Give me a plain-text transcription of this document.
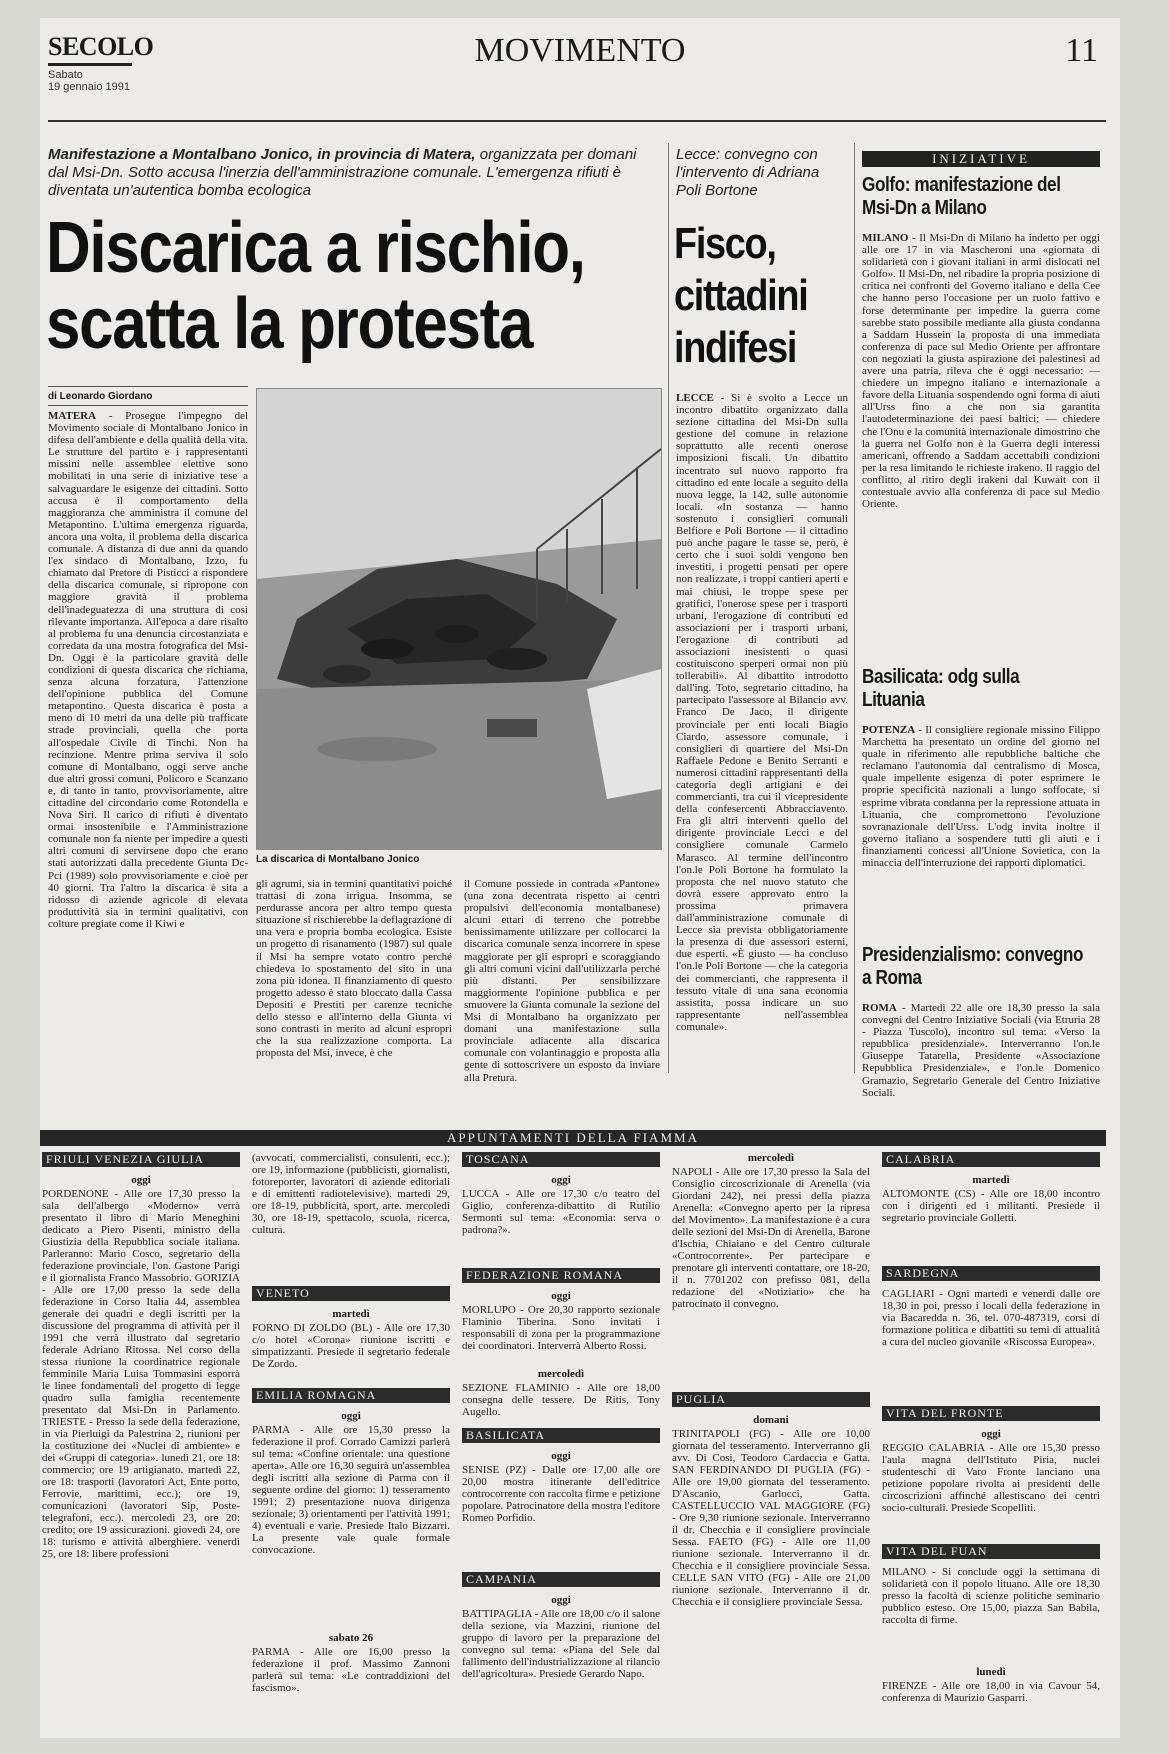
SECOLO
Sabato
19 gennaio 1991
MOVIMENTO	11
Manifestazione a Montalbano Jonico, in provincia di Matera, organizzata per domani dal Msi-Dn. Sotto accusa l'inerzia dell'amministrazione comunale. L'emergenza rifiuti è diventata un'autentica bomba ecologica
Discarica a rischio,
scatta la protesta
di Leonardo Giordano

MATERA - Prosegue l'impegno del Movimento sociale di Montalbano Jonico in difesa dell'ambiente e della qualità della vita. Le strutture del partito e i rappresentanti missini nelle assemblee elettive sono mobilitati in una serie di iniziative tese a salvaguardare le esigenze dei cittadini. Sotto accusa è il comportamento della maggioranza che amministra il comune del Metapontino. L'ultima emergenza riguarda, ancora una volta, il problema della discarica comunale. A distanza di due anni da quando l'ex sindaco di Montalbano, Izzo, fu chiamato dal Pretore di Pisticci a rispondere della discarica comunale, si ripropone con maggiore gravità il problema dell'inadeguatezza di una struttura di così rilevante importanza. All'epoca a dare risalto al problema fu una denuncia circostanziata e corredata da una mostra fotografica del Msi-Dn. Oggi è la particolare gravità delle condizioni di questa discarica che richiama, senza alcuna forzatura, l'attenzione dell'opinione pubblica del Comune metapontino. Questa discarica è posta a meno di 10 metri da una delle più trafficate strade provinciali, quella che porta all'ospedale Civile di Tinchi. Non ha recinzione. Mentre prima serviva il solo comune di Montalbano, oggi serve anche due altri grossi comuni, Policoro e Scanzano e, di tanto in tanto, provvisoriamente, altre cittadine del circondario come Rotondella e Nova Siri. Il carico di rifiuti è diventato ormai insostenibile e l'Amministrazione comunale non fa niente per impedire a questi altri comuni di servirsene dopo che erano stati autorizzati dalla precedente Giunta Dc-Pci (1989) solo provvisoriamente e cioè per 40 giorni. Tra l'altro la discarica è sita a ridosso di aziende agricole di elevata produttività sia in termini qualitativi, con colture pregiate come il Kiwi e

La discarica di Montalbano Jonico

gli agrumi, sia in termini quantitativi poiché trattasi di zona irrigua. Insomma, se perdurasse ancora per altro tempo questa situazione si rischierebbe la deflagrazione di una vera e propria bomba ecologica. Esiste un progetto di risanamento (1987) sul quale il Msi ha sempre votato contro perché chiedeva lo spostamento del sito in una zona più idonea. Il finanziamento di questo progetto adesso è stato bloccato dalla Cassa Depositi e Prestiti per carenze tecniche dello stesso e all'interno della Giunta vi sono contrasti in merito ad alcuni espropri che la sua realizzazione comporta. La proposta del Msi, invece, è che

il Comune possiede in contrada «Pantone» (una zona decentrata rispetto ai centri propulsivi dell'economia montalbanese) alcuni ettari di terreno che potrebbe benissimamente utilizzare per collocarci la discarica comunale senza incorrere in spese maggiorate per gli espropri e scoraggiando gli altri comuni vicini dall'utilizzarla perché più distanti. Per sensibilizzare maggiormente l'opinione pubblica e per smuovere la Giunta comunale la sezione del Msi di Montalbano ha organizzato per domani una manifestazione sulla provinciale adiacente alla discarica comunale con volantinaggio e proposta alla gente di sottoscrivere un esposto da inviare alla Pretura.

Lecce: convegno con l'intervento di Adriana Poli Bortone
Fisco,
cittadini
indifesi

LECCE - Si è svolto a Lecce un incontro dibattito organizzato dalla sezione cittadina del Msi-Dn sulla gestione del comune in relazione soprattutto alle recenti onerose imposizioni fiscali. Un dibattito incentrato sul nuovo rapporto fra cittadino ed ente locale a seguito della nuova legge, la 142, sulle autonomie locali. «In sostanza — hanno sostenuto i consiglieri comunali Belfiore e Poli Bortone — il cittadino può anche pagare le tasse se, però, è certo che i suoi soldi vengono ben investiti, i progetti pensati per opere non realizzate, i troppi cantieri aperti e mai chiusi, le troppe spese per gratifici, l'onerose spese per i trasporti urbani, l'erogazione di contributi ed associazioni per i trasporti urbani, l'erogazione di contributi ad associazioni inesistenti o quasi costituiscono sperperi ormai non più tollerabili». Al dibattito introdotto dall'ing. Toto, segretario cittadino, ha partecipato l'assessore al Bilancio avv. Franco De Jaco, il dirigente provinciale per enti locali Biagio Ciardo, assessore comunale, i consiglieri di quartiere del Msi-Dn Raffaele Pedone e Benito Serranti e numerosi cittadini rappresentanti della categoria degli artigiani e dei commercianti, tra cui il vicepresidente della confesercenti Abbracciavento. Fra gli altri interventi quello del dirigente provinciale Lecci e del consigliere comunale Carmelo Marasco. Al termine dell'incontro l'on.le Poli Bortone ha formulato la proposta che nel nuovo statuto che dovrà essere approvato entro la prossima primavera dall'amministrazione comunale di Lecce sia prevista obbligatoriamente la presenza di due assessori esterni, due esperti. «È giusto — ha concluso l'on.le Poli Bortone — che la categoria dei commercianti, che rappresenta il tessuto vitale di una sana economia assistita, possa indicare un suo rappresentante nell'assemblea comunale».

INIZIATIVE
Golfo: manifestazione del Msi-Dn a Milano

MILANO - Il Msi-Dn di Milano ha indetto per oggi alle ore 17 in via Mascheroni una «giornata di solidarietà con i giovani italiani in armi dislocati nel Golfo». Il Msi-Dn, nel ribadire la propria posizione di critica nei confronti del Governo italiano e della Cee che hanno perso l'occasione per un ruolo fattivo e forse determinante per impedire la guerra come sarebbe stato possibile mediante alla giusta condanna a Saddam Hussein la proposta di una immediata conferenza di pace sul Medio Oriente per affrontare con negoziati la giusta aspirazione dei palestinesi ad avere una patria, rileva che è oggi necessario: — chiedere un impegno italiano e internazionale a favore della Lituania sospendendo ogni forma di aiuti all'Urss fino a che non sia garantita l'autodeterminazione dei paesi baltici; — chiedere che l'Onu e la comunità internazionale dimostrino che la guerra nel Golfo non è la Guerra degli interessi americani, offrendo a Saddam accettabili condizioni per la resa limitando le richieste irakeno. Il raggio del conflitto, al ritiro degli irakeni dal Kuwait con il contestuale avvio alla conferenza di pace sul Medio Oriente.

Basilicata: odg sulla Lituania

POTENZA - Il consigliere regionale missino Filippo Marchetta ha presentato un ordine del giorno nel quale in riferimento alle repubbliche baltiche che reclamano l'autonomia dal centralismo di Mosca, quale impellente esigenza di poter esprimere le proprie specificità nazionali a lungo soffocate, si esprime vibrata condanna per la repressione attuata in Lituania, che compromettono l'evoluzione sovranazionale dell'Urss. L'odg invita inoltre il governo italiano a sospendere tutti gli aiuti e i finanziamenti concessi all'Unione Sovietica, con la minaccia dell'interruzione dei rapporti diplomatici.

Presidenzialismo: convegno a Roma

ROMA - Martedì 22 alle ore 18,30 presso la sala convegni del Centro Iniziative Sociali (via Etruria 28 - Piazza Tuscolo), incontro sul tema: «Verso la repubblica presidenziale». Interverranno l'on.le Giuseppe Tatarella, Presidente «Associazione Repubblica Presidenziale», e l'on.le Domenico Gramazio, Segretario Generale del Centro Iniziative Sociali.

APPUNTAMENTI DELLA FIAMMA
FRIULI VENEZIA GIULIA
oggi
PORDENONE - Alle ore 17,30 presso la sala dell'albergo «Moderno» verrà presentato il libro di Mario Meneghini dedicato a Piero Pisenti, ministro della Giustizia della Repubblica sociale italiana. Parleranno: Mario Cosco, segretario della federazione provinciale, l'on. Gastone Parigi e il giornalista Franco Massobrio. GORIZIA - Alle ore 17,00 presso la sede della federazione in Corso Italia 44, assemblea generale dei quadri e degli iscritti per la discussione del programma di attività per il 1991 che verrà illustrato dal segretario federale Adriano Ritossa. Nel corso della stessa riunione la coordinatrice regionale femminile Maria Luisa Tommasini esporrà le linee fondamentali del progetto di legge quadro sulla famiglia recentemente presentato dal Msi-Dn in Parlamento. TRIESTE - Presso la sede della federazione, in via Pierluigi da Palestrina 2, riunioni per la costituzione dei «Nuclei di ambiente» e dei «Gruppi di categoria». lunedì 21, ore 18: commercio; ore 19 artigianato. martedì 22, ore 18: trasporti (lavoratori Act, Ente porto, Ferrovie, marittimi, ecc.); ore 19, comunicazioni (lavoratori Sip, Poste-telegrafoni, ecc.). mercoledì 23, ore 20: credito; ore 19 assicurazioni. giovedì 24, ore 18: turismo e attività alberghiere. venerdì 25, ore 18: libere professioni
(avvocati, commercialisti, consulenti, ecc.); ore 19, informazione (pubblicisti, giornalisti, fotoreporter, lavoratori di aziende editoriali e di emittenti radiotelevisive). martedì 29, ore 18-19, pubblicità, sport, arte. mercoledì 30, ore 18-19, spettacolo, scuola, ricerca, cultura.
VENETO
martedì
FORNO DI ZOLDO (BL) - Alle ore 17,30 c/o hotel «Corona» riunione iscritti e simpatizzanti. Presiede il segretario federale De Zordo.
EMILIA ROMAGNA
oggi
PARMA - Alle ore 15,30 presso la federazione il prof. Corrado Camizzi parlerà sul tema: «Confine orientale: una questione aperta». Alle ore 16,30 seguirà un'assemblea degli iscritti alla sezione di Parma con il seguente ordine del giorno: 1) tesseramento 1991; 2) presentazione nuova dirigenza sezionale; 3) orientamenti per l'attività 1991; 4) eventuali e varie. Presiede Italo Bizzarri. La presente vale quale formale convocazione.
sabato 26
PARMA - Alle ore 16,00 presso la federazione il prof. Massimo Zannoni parlerà sul tema: «Le contraddizioni del fascismo».
TOSCANA
oggi
LUCCA - Alle ore 17,30 c/o teatro del Giglio, conferenza-dibattito di Rutilio Sermonti sul tema: «Economia: serva o padrona?».
FEDERAZIONE ROMANA
oggi
MORLUPO - Ore 20,30 rapporto sezionale Flaminio Tiberina. Sono invitati i responsabili di zona per la programmazione dei coordinatori. Interverrà Alberto Rossi.
mercoledì
SEZIONE FLAMINIO - Alle ore 18,00 consegna delle tessere. De Ritis, Tony Augello.
BASILICATA
oggi
SENISE (PZ) - Dalle ore 17,00 alle ore 20,00 mostra itinerante dell'editrice controcorrente con raccolta firme e petizione popolare. Patrocinatore della mostra l'editore Romeo Porfidio.
CAMPANIA
oggi
BATTIPAGLIA - Alle ore 18,00 c/o il salone della sezione, via Mazzini, riunione del gruppo di lavoro per la preparazione del convegno sul tema: «Piana del Sele dal fallimento dell'industrializzazione al rilancio dell'agricoltura». Presiede Gerardo Napo.
mercoledì
NAPOLI - Alle ore 17,30 presso la Sala del Consiglio circoscrizionale di Arenella (via Giordani 242), nei pressi della piazza Arenella: «Convegno aperto per la ripresa del Movimento». La manifestazione è a cura delle sezioni del Msi-Dn di Arenella, Barone d'Ischia, Chiaiano e del Centro culturale «Controcorrente». Per partecipare e prenotare gli interventi contattare, ore 18-20, il n. 7701202 con prefisso 081, della redazione del «Notiziario» che ha patrocinato il convegno.
PUGLIA
domani
TRINITAPOLI (FG) - Alle ore 10,00 giornata del tesseramento. Interverranno gli avv. Di Cosi, Teodoro Cardaccia e Gatta. SAN FERDINANDO DI PUGLIA (FG) - Alle ore 19,00 giornata del tesseramento. D'Ascanio, Garlocci, Gatta. CASTELLUCCIO VAL MAGGIORE (FG) - Ore 9,30 riunione sezionale. Interverranno il dr. Checchia e il consigliere provinciale Sessa. FAETO (FG) - Alle ore 11,00 riunione sezionale. Interverranno il dr. Checchia e il consigliere provinciale Sessa. CELLE SAN VITO (FG) - Alle ore 21,00 riunione sezionale. Interverranno il dr. Checchia e il consigliere provinciale Sessa.
CALABRIA
martedì
ALTOMONTE (CS) - Alle ore 18,00 incontro con i dirigenti ed i militanti. Presiede il segretario provinciale Golletti.
SARDEGNA
CAGLIARI - Ogni martedì e venerdì dalle ore 18,30 in poi, presso i locali della federazione in via Bacaredda n. 36, tel. 070-487319, corsi di formazione politica e dibattiti su temi di attualità a cura del nucleo giovanile «Riscossa Europea».
VITA DEL FRONTE
oggi
REGGIO CALABRIA - Alle ore 15,30 presso l'aula magna dell'Istituto Piria, nuclei studenteschi di Varo Fronte lanciano una petizione popolare rivolta ai presidenti delle circoscrizioni affinché allestiscano dei centri socio-culturali. Presiede Scopelliti.
VITA DEL FUAN
MILANO - Si conclude oggi la settimana di solidarietà con il popolo lituano. Alle ore 18,30 presso la facoltà di scienze politiche seminario pubblico esteso. Ore 15,00, piazza San Babila, raccolta di firme.
lunedì
FIRENZE - Alle ore 18,00 in via Cavour 54, conferenza di Maurizio Gasparri.
